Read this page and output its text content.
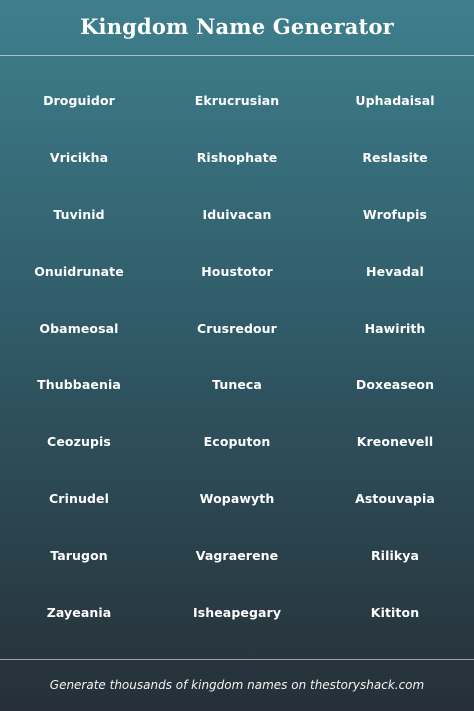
Kingdom Name Generator
Droguidor	Ekrucrusian	Uphadaisal
Vricikha	Rishophate	Reslasite
Tuvinid	Iduivacan	Wrofupis
Onuidrunate	Houstotor	Hevadal
Obameosal	Crusredour	Hawirith
Thubbaenia	Tuneca	Doxeaseon
Ceozupis	Ecoputon	Kreonevell
Crinudel	Wopawyth	Astouvapia
Tarugon	Vagraerene	Rilikya
Zayeania	Isheapegary	Kititon
Generate thousands of kingdom names on thestoryshack.com
